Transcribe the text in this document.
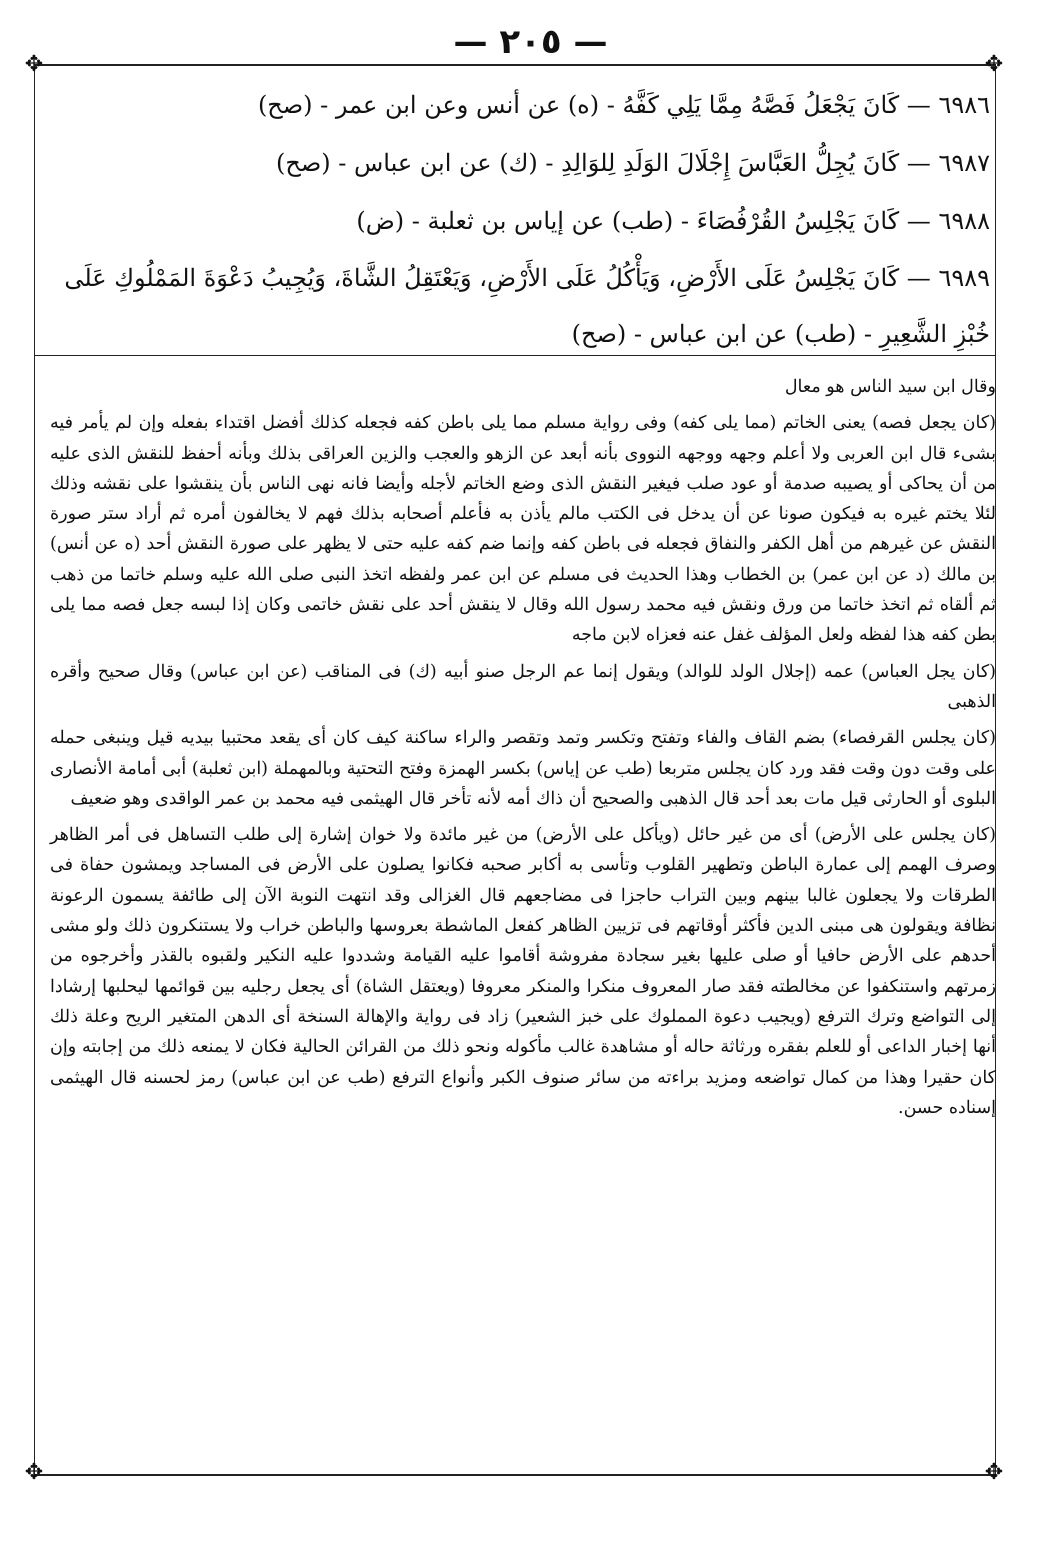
— ٢٠٥ —
✥	✥
✥	✥

٦٩٨٦ — كَانَ يَجْعَلُ فَصَّهُ مِمَّا يَلِي كَفَّهُ - (ه) عن أنس وعن ابن عمر - (صح)

٦٩٨٧ — كَانَ يُجِلُّ العَبَّاسَ إِجْلَالَ الوَلَدِ لِلوَالِدِ - (ك) عن ابن عباس - (صح)

٦٩٨٨ — كَانَ يَجْلِسُ القُرْفُصَاءَ - (طب) عن إياس بن ثعلبة - (ض)

٦٩٨٩ — كَانَ يَجْلِسُ عَلَى الأَرْضِ، وَيَأْكُلُ عَلَى الأَرْضِ، وَيَعْتَقِلُ الشَّاةَ، وَيُجِيبُ دَعْوَةَ المَمْلُوكِ عَلَى خُبْزِ الشَّعِيرِ - (طب) عن ابن عباس - (صح)

وقال ابن سيد الناس هو معال

(كان يجعل فصه) يعنى الخاتم (مما يلى كفه) وفى رواية مسلم مما يلى باطن كفه فجعله كذلك أفضل اقتداء بفعله وإن لم يأمر فيه بشىء قال ابن العربى ولا أعلم وجهه ووجهه النووى بأنه أبعد عن الزهو والعجب والزين العراقى بذلك وبأنه أحفظ للنقش الذى عليه من أن يحاكى أو يصيبه صدمة أو عود صلب فيغير النقش الذى وضع الخاتم لأجله وأيضا فانه نهى الناس بأن ينقشوا على نقشه وذلك لئلا يختم غيره به فيكون صونا عن أن يدخل فى الكتب مالم يأذن به فأعلم أصحابه بذلك فهم لا يخالفون أمره ثم أراد ستر صورة النقش عن غيرهم من أهل الكفر والنفاق فجعله فى باطن كفه وإنما ضم كفه عليه حتى لا يظهر على صورة النقش أحد (ه عن أنس) بن مالك (د عن ابن عمر) بن الخطاب وهذا الحديث فى مسلم عن ابن عمر ولفظه اتخذ النبى صلى الله عليه وسلم خاتما من ذهب ثم ألقاه ثم اتخذ خاتما من ورق ونقش فيه محمد رسول الله وقال لا ينقش أحد على نقش خاتمى وكان إذا لبسه جعل فصه مما يلى بطن كفه هذا لفظه ولعل المؤلف غفل عنه فعزاه لابن ماجه

(كان يجل العباس) عمه (إجلال الولد للوالد) ويقول إنما عم الرجل صنو أبيه (ك) فى المناقب (عن ابن عباس) وقال صحيح وأقره الذهبى

(كان يجلس القرفصاء) بضم القاف والفاء وتفتح وتكسر وتمد وتقصر والراء ساكنة كيف كان أى يقعد محتبيا بيديه قيل وينبغى حمله على وقت دون وقت فقد ورد كان يجلس متربعا (طب عن إياس) بكسر الهمزة وفتح التحتية وبالمهملة (ابن ثعلبة) أبى أمامة الأنصارى البلوى أو الحارثى قيل مات بعد أحد قال الذهبى والصحيح أن ذاك أمه لأنه تأخر قال الهيثمى فيه محمد بن عمر الواقدى وهو ضعيف

(كان يجلس على الأرض) أى من غير حائل (ويأكل على الأرض) من غير مائدة ولا خوان إشارة إلى طلب التساهل فى أمر الظاهر وصرف الهمم إلى عمارة الباطن وتطهير القلوب وتأسى به أكابر صحبه فكانوا يصلون على الأرض فى المساجد ويمشون حفاة فى الطرقات ولا يجعلون غالبا بينهم وبين التراب حاجزا فى مضاجعهم قال الغزالى وقد انتهت النوبة الآن إلى طائفة يسمون الرعونة نظافة ويقولون هى مبنى الدين فأكثر أوقاتهم فى تزيين الظاهر كفعل الماشطة بعروسها والباطن خراب ولا يستنكرون ذلك ولو مشى أحدهم على الأرض حافيا أو صلى عليها بغير سجادة مفروشة أقاموا عليه القيامة وشددوا عليه النكير ولقبوه بالقذر وأخرجوه من زمرتهم واستنكفوا عن مخالطته فقد صار المعروف منكرا والمنكر معروفا (ويعتقل الشاة) أى يجعل رجليه بين قوائمها ليحلبها إرشادا إلى التواضع وترك الترفع (ويجيب دعوة المملوك على خبز الشعير) زاد فى رواية والإهالة السنخة أى الدهن المتغير الريح وعلة ذلك أنها إخبار الداعى أو للعلم بفقره ورثاثة حاله أو مشاهدة غالب مأكوله ونحو ذلك من القرائن الحالية فكان لا يمنعه ذلك من إجابته وإن كان حقيرا وهذا من كمال تواضعه ومزيد براءته من سائر صنوف الكبر وأنواع الترفع (طب عن ابن عباس) رمز لحسنه قال الهيثمى إسناده حسن.
